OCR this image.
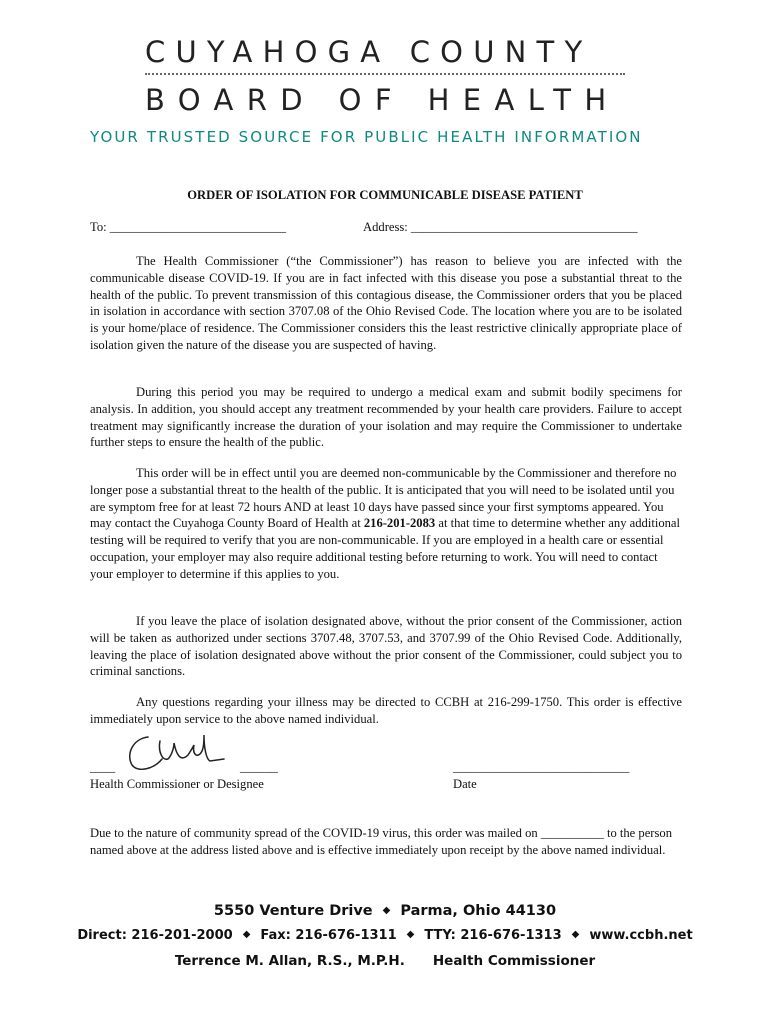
CUYAHOGA COUNTY
BOARD OF HEALTH
YOUR TRUSTED SOURCE FOR PUBLIC HEALTH INFORMATION
ORDER OF ISOLATION FOR COMMUNICABLE DISEASE PATIENT
To: ____________________________	Address: ____________________________________
The Health Commissioner (“the Commissioner”) has reason to believe you are infected with the communicable disease COVID-19. If you are in fact infected with this disease you pose a substantial threat to the health of the public. To prevent transmission of this contagious disease, the Commissioner orders that you be placed in isolation in accordance with section 3707.08 of the Ohio Revised Code. The location where you are to be isolated is your home/place of residence. The Commissioner considers this the least restrictive clinically appropriate place of isolation given the nature of the disease you are suspected of having.
During this period you may be required to undergo a medical exam and submit bodily specimens for analysis. In addition, you should accept any treatment recommended by your health care providers. Failure to accept treatment may significantly increase the duration of your isolation and may require the Commissioner to undertake further steps to ensure the health of the public.
This order will be in effect until you are deemed non-communicable by the Commissioner and therefore no longer pose a substantial threat to the health of the public. It is anticipated that you will need to be isolated until you are symptom free for at least 72 hours AND at least 10 days have passed since your first symptoms appeared. You may contact the Cuyahoga County Board of Health at 216-201-2083 at that time to determine whether any additional testing will be required to verify that you are non-communicable. If you are employed in a health care or essential occupation, your employer may also require additional testing before returning to work. You will need to contact your employer to determine if this applies to you.
If you leave the place of isolation designated above, without the prior consent of the Commissioner, action will be taken as authorized under sections 3707.48, 3707.53, and 3707.99 of the Ohio Revised Code. Additionally, leaving the place of isolation designated above without the prior consent of the Commissioner, could subject you to criminal sanctions.
Any questions regarding your illness may be directed to CCBH at 216-299-1750. This order is effective immediately upon service to the above named individual.
____	______
Health Commissioner or Designee
____________________________
Date
Due to the nature of community spread of the COVID-19 virus, this order was mailed on __________ to the person named above at the address listed above and is effective immediately upon receipt by the above named individual.
5550 Venture Drive ◆ Parma, Ohio 44130
Direct: 216-201-2000 ◆ Fax: 216-676-1311 ◆ TTY: 216-676-1313 ◆ www.ccbh.net
Terrence M. Allan, R.S., M.P.H. Health Commissioner
